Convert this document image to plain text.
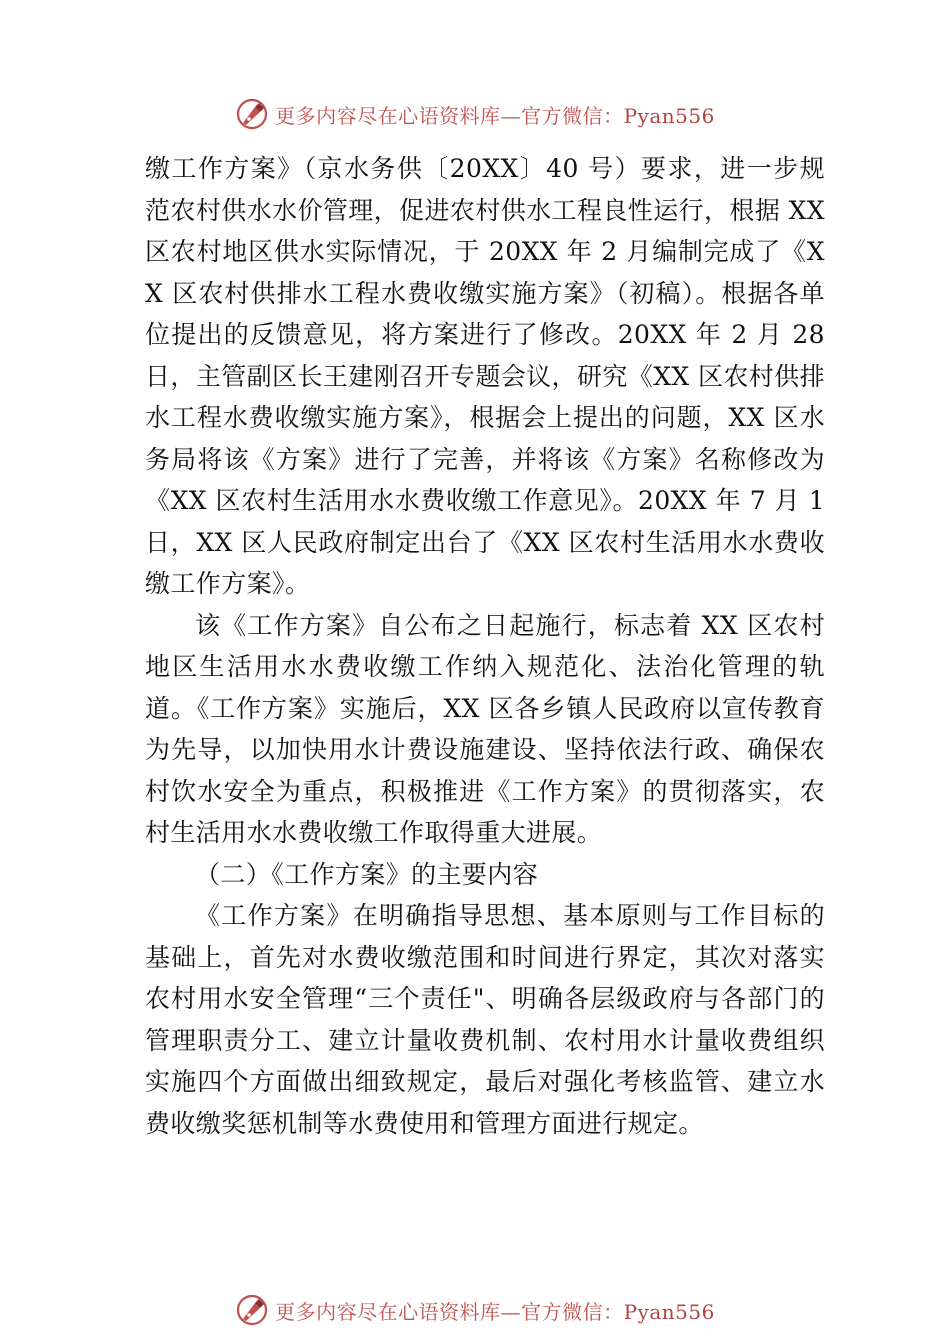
更多内容尽在心语资料库—官方微信：Pyan556

缴工作方案》（京水务供〔20XX〕40 号）要求，进一步规范农村供水水价管理，促进农村供水工程良性运行，根据 XX 区农村地区供水实际情况，于 20XX 年 2 月编制完成了《XX 区农村供排水工程水费收缴实施方案》（初稿）。根据各单位提出的反馈意见，将方案进行了修改。20XX 年 2 月 28 日，主管副区长王建刚召开专题会议，研究《XX 区农村供排水工程水费收缴实施方案》，根据会上提出的问题，XX 区水务局将该《方案》进行了完善，并将该《方案》名称修改为《XX 区农村生活用水水费收缴工作意见》。20XX 年 7 月 1 日，XX 区人民政府制定出台了《XX 区农村生活用水水费收缴工作方案》。

该《工作方案》自公布之日起施行，标志着 XX 区农村地区生活用水水费收缴工作纳入规范化、法治化管理的轨道。《工作方案》实施后，XX 区各乡镇人民政府以宣传教育为先导，以加快用水计费设施建设、坚持依法行政、确保农村饮水安全为重点，积极推进《工作方案》的贯彻落实，农村生活用水水费收缴工作取得重大进展。

（二）《工作方案》的主要内容

《工作方案》在明确指导思想、基本原则与工作目标的基础上，首先对水费收缴范围和时间进行界定，其次对落实农村用水安全管理“三个责任"、明确各层级政府与各部门的管理职责分工、建立计量收费机制、农村用水计量收费组织实施四个方面做出细致规定，最后对强化考核监管、建立水费收缴奖惩机制等水费使用和管理方面进行规定。

更多内容尽在心语资料库—官方微信：Pyan556
